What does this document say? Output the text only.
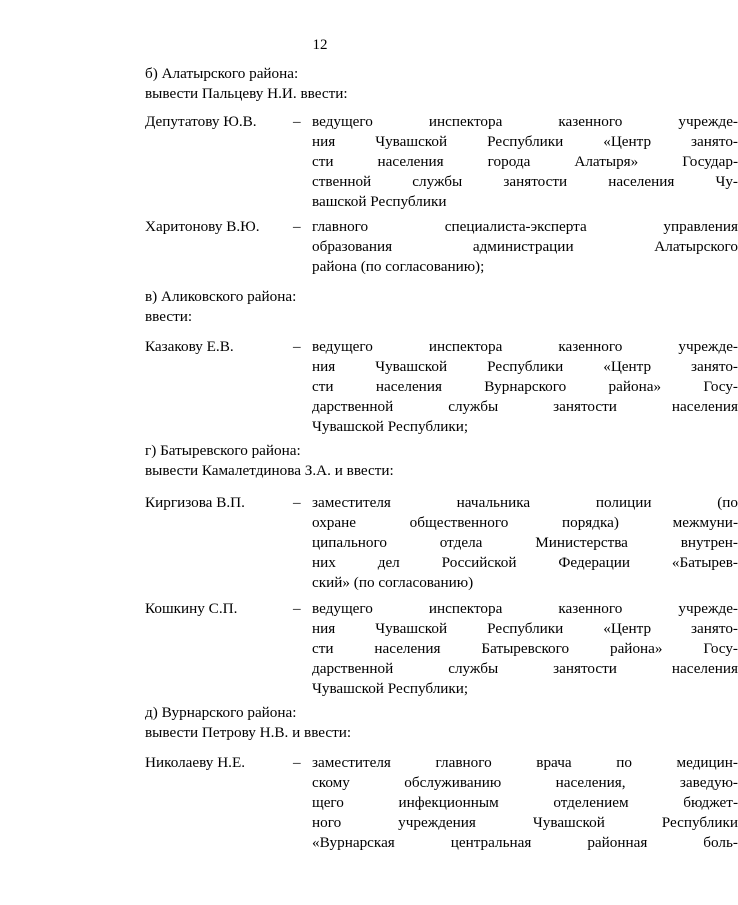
12
б) Алатырского района:
вывести Пальцеву Н.И. ввести:
Депутатову Ю.В. – ведущего инспектора казенного учрежде-
ния Чувашской Республики «Центр занято-
сти населения города Алатыря» Государ-
ственной службы занятости населения Чу-
вашской Республики
Харитонову В.Ю. – главного специалиста-эксперта управления
образования администрации Алатырского
района (по согласованию);
в) Аликовского района:
ввести:
Казакову Е.В.	– ведущего инспектора казенного учрежде-
ния Чувашской Республики «Центр занято-
сти населения Вурнарского района» Госу-
дарственной службы занятости населения
Чувашской Республики;
г) Батыревского района:
вывести Камалетдинова З.А. и ввести:
Киргизова В.П.	– заместителя начальника полиции (по
охране общественного порядка) межмуни-
ципального отдела Министерства внутрен-
них дел Российской Федерации «Батырев-
ский» (по согласованию)
Кошкину С.П.	– ведущего инспектора казенного учрежде-
ния Чувашской Республики «Центр занято-
сти населения Батыревского района» Госу-
дарственной службы занятости населения
Чувашской Республики;
д) Вурнарского района:
вывести Петрову Н.В. и ввести:
Николаеву Н.Е.	– заместителя главного врача по медицин-
скому обслуживанию населения, заведую-
щего инфекционным отделением бюджет-
ного учреждения Чувашской Республики
«Вурнарская центральная районная боль-
